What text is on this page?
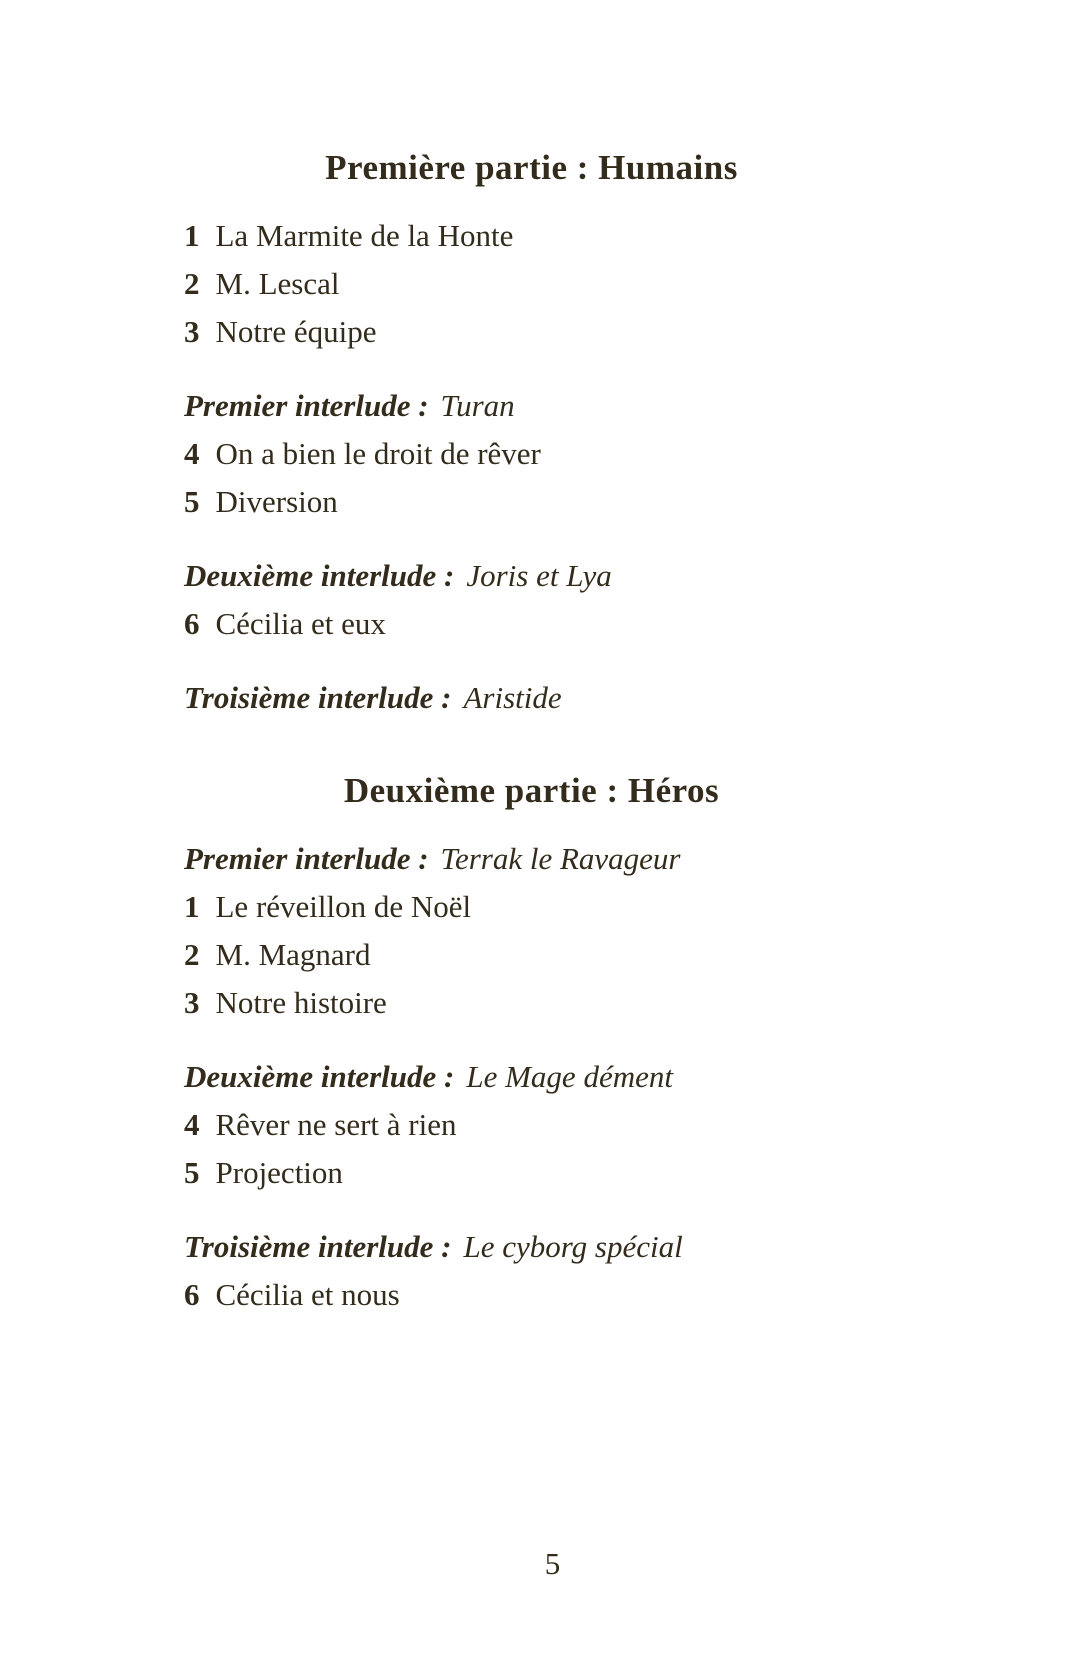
Première partie : Humains

1 La Marmite de la Honte

2 M. Lescal

3 Notre équipe

Premier interlude : Turan

4 On a bien le droit de rêver

5 Diversion

Deuxième interlude : Joris et Lya

6 Cécilia et eux

Troisième interlude : Aristide

Deuxième partie : Héros

Premier interlude : Terrak le Ravageur

1 Le réveillon de Noël

2 M. Magnard

3 Notre histoire

Deuxième interlude : Le Mage dément

4 Rêver ne sert à rien

5 Projection

Troisième interlude : Le cyborg spécial

6 Cécilia et nous

5
